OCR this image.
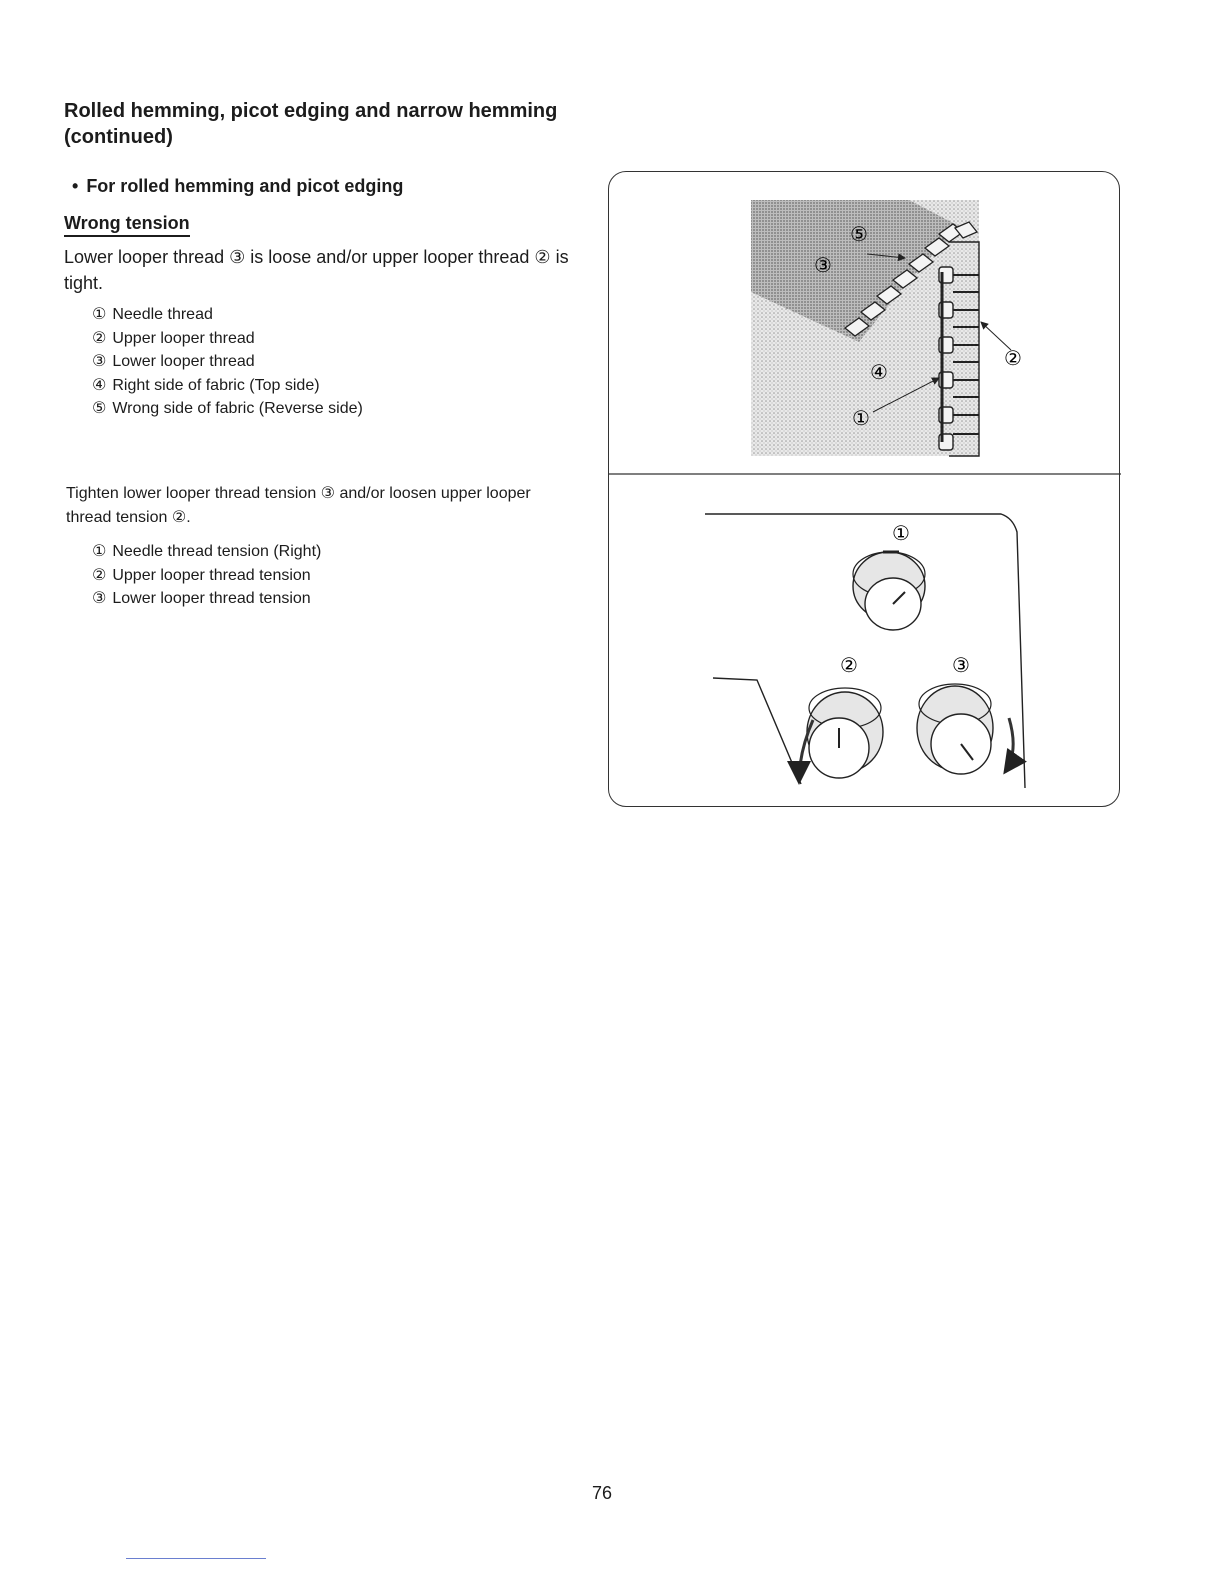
Rolled hemming, picot edging and narrow hemming
(continued)
• For rolled hemming and picot edging
Wrong tension
Lower looper thread ③ is loose and/or upper looper thread ② is tight.
① Needle thread
② Upper looper thread
③ Lower looper thread
④ Right side of fabric (Top side)
⑤ Wrong side of fabric (Reverse side)
Tighten lower looper thread tension ③ and/or loosen upper looper thread tension ②.
① Needle thread tension (Right)
② Upper looper thread tension
③ Lower looper thread tension
⑤
③
②
④
①
①
②	③
76
